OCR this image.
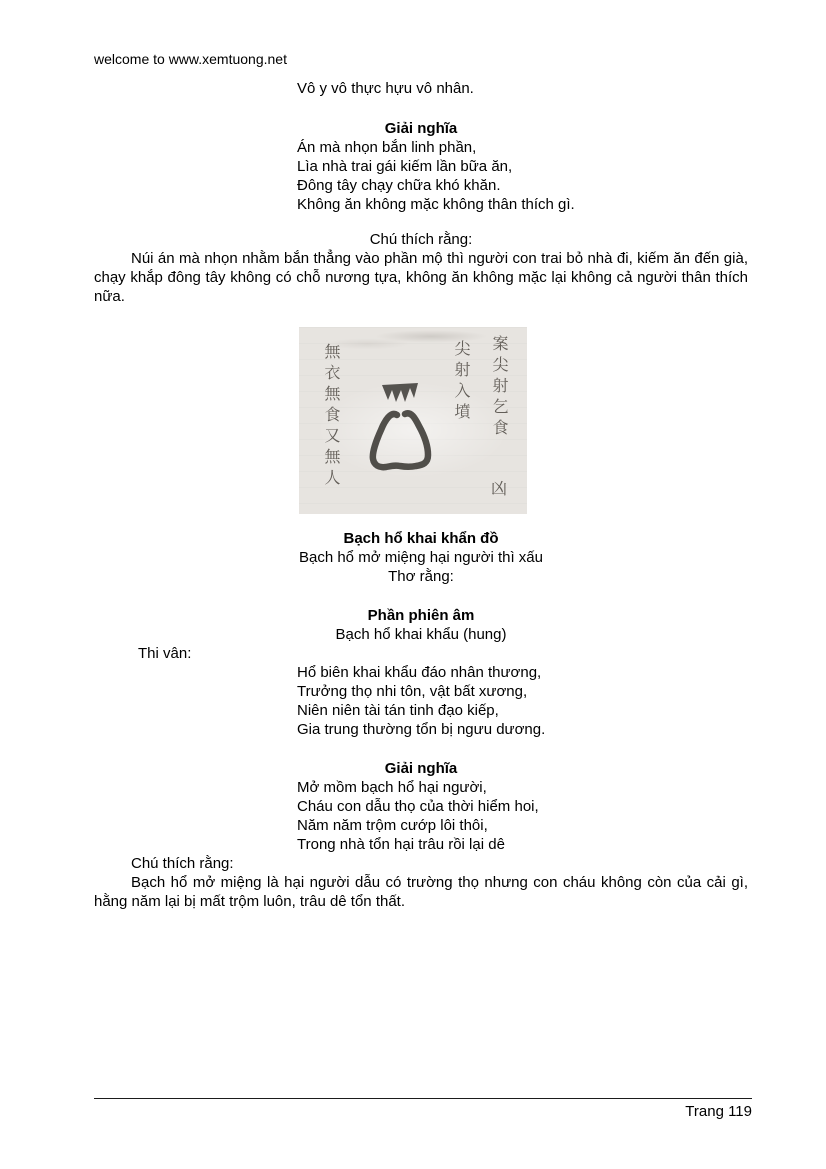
welcome to www.xemtuong.net
Vô y vô thực hựu vô nhân.
Giải nghĩa
Án mà nhọn bắn linh phần,
Lìa nhà trai gái kiếm lần bữa ăn,
Đông tây chạy chữa khó khăn.
Không ăn không mặc không thân thích gì.
Chú thích rằng:
Núi án mà nhọn nhằm bắn thẳng vào phần mộ thì người con trai bỏ nhà đi, kiếm ăn đến già, chạy khắp đông tây không có chỗ nương tựa, không ăn không mặc lại không cả người thân thích nữa.
案尖射乞食
尖射入墳
凶
無衣無食又無人
Bạch hổ khai khẩn đồ
Bạch hổ mở miệng hại người thì xấu
Thơ rằng:
Phần phiên âm
Bạch hổ khai khẩu (hung)
Thi vân:
Hổ biên khai khẩu đáo nhân thương,
Trưởng thọ nhi tôn, vật bất xương,
Niên niên tài tán tinh đạo kiếp,
Gia trung thường tổn bị ngưu dương.
Giải nghĩa
Mở mồm bạch hổ hại người,
Cháu con dẫu thọ của thời hiểm hoi,
Năm năm trộm cướp lôi thôi,
Trong nhà tổn hại trâu rồi lại dê
Chú thích rằng:
Bạch hổ mở miệng là hại người dẫu có trường thọ nhưng con cháu không còn của cải gì, hằng năm lại bị mất trộm luôn, trâu dê tổn thất.
Trang 119
